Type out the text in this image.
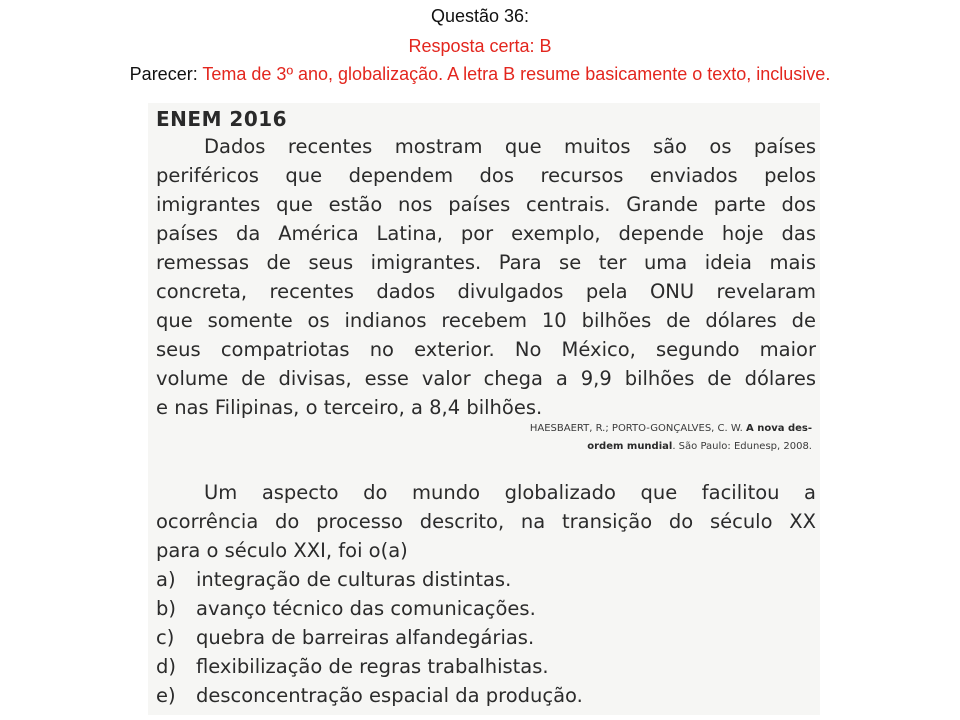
Questão 36:
Resposta certa: B
Parecer: Tema de 3º ano, globalização. A letra B resume basicamente o texto, inclusive.
ENEM 2016
Dados recentes mostram que muitos são os países
periféricos que dependem dos recursos enviados pelos
imigrantes que estão nos países centrais. Grande parte dos
países da América Latina, por exemplo, depende hoje das
remessas de seus imigrantes. Para se ter uma ideia mais
concreta, recentes dados divulgados pela ONU revelaram
que somente os indianos recebem 10 bilhões de dólares de
seus compatriotas no exterior. No México, segundo maior
volume de divisas, esse valor chega a 9,9 bilhões de dólares
e nas Filipinas, o terceiro, a 8,4 bilhões.
HAESBAERT, R.; PORTO-GONÇALVES, C. W. A nova des-
ordem mundial. São Paulo: Edunesp, 2008.
Um aspecto do mundo globalizado que facilitou a
ocorrência do processo descrito, na transição do século XX
para o século XXI, foi o(a)
a) integração de culturas distintas.
b) avanço técnico das comunicações.
c) quebra de barreiras alfandegárias.
d) flexibilização de regras trabalhistas.
e) desconcentração espacial da produção.
